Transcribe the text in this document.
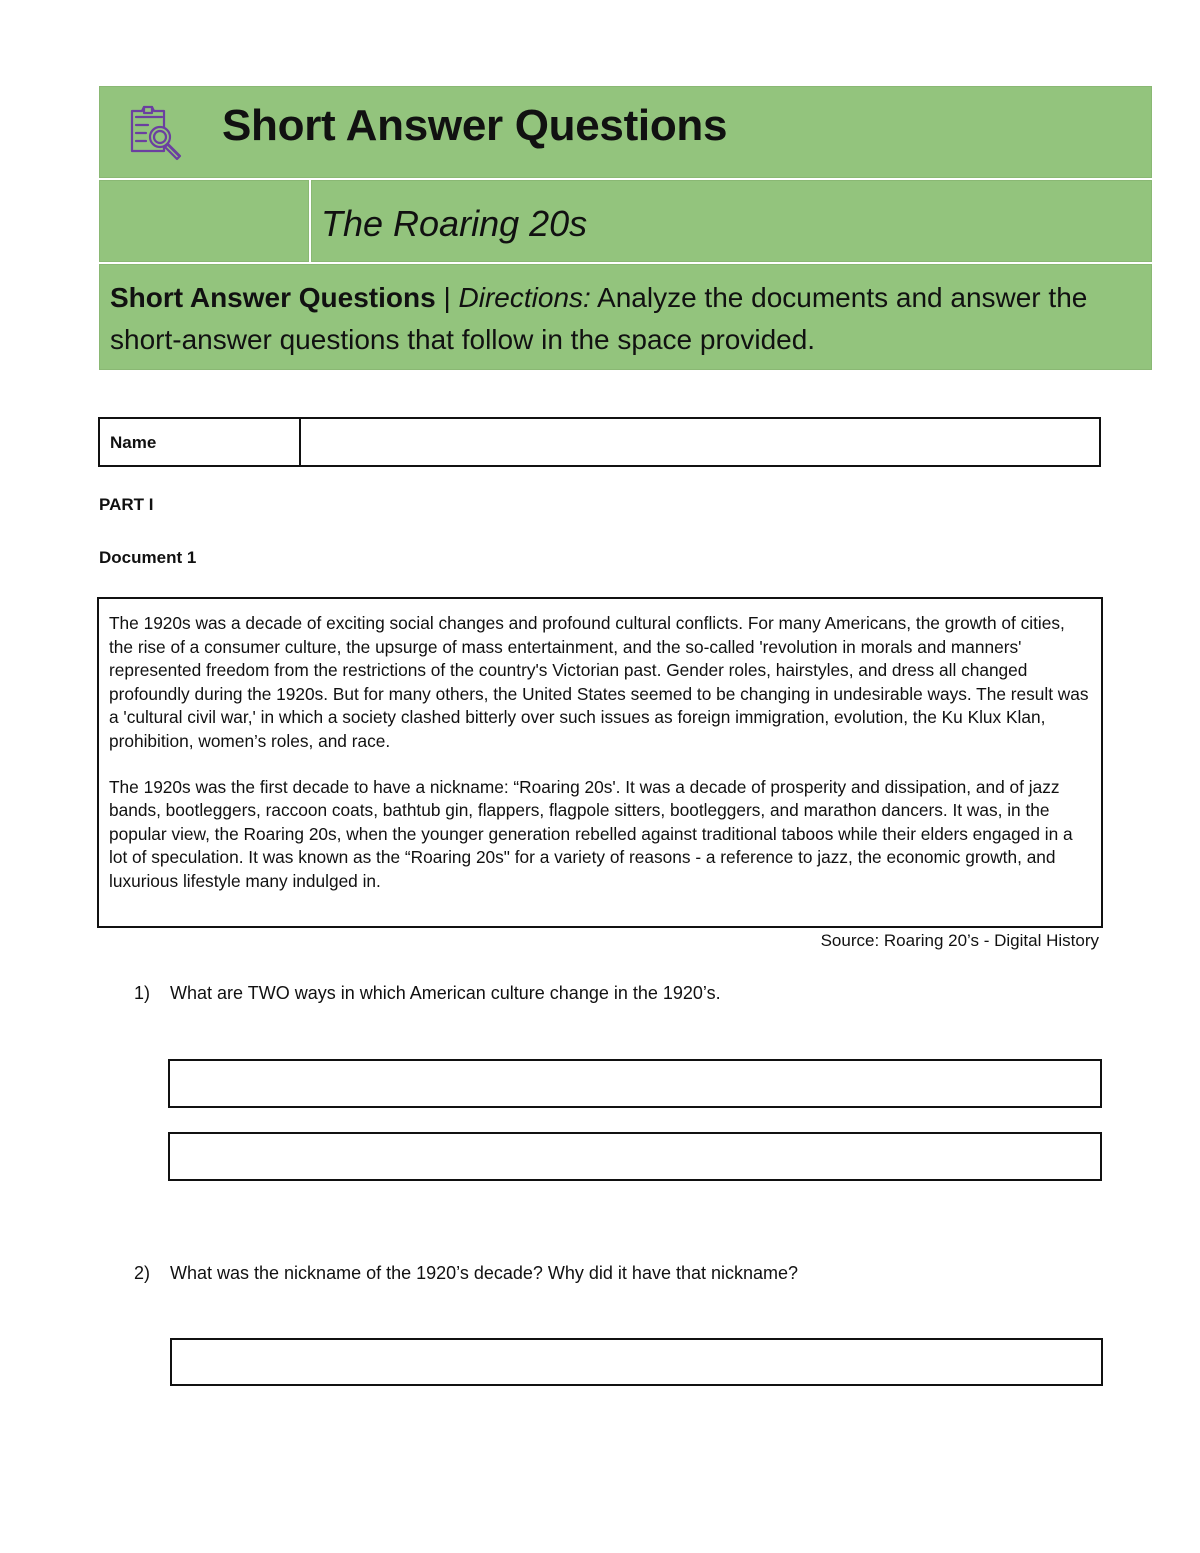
Short Answer Questions
The Roaring 20s
Short Answer Questions | Directions: Analyze the documents and answer the short-answer questions that follow in the space provided.
Name
PART I
Document 1

The 1920s was a decade of exciting social changes and profound cultural conflicts. For many Americans, the growth of cities, the rise of a consumer culture, the upsurge of mass entertainment, and the so-called 'revolution in morals and manners' represented freedom from the restrictions of the country's Victorian past. Gender roles, hairstyles, and dress all changed profoundly during the 1920s. But for many others, the United States seemed to be changing in undesirable ways. The result was a 'cultural civil war,' in which a society clashed bitterly over such issues as foreign immigration, evolution, the Ku Klux Klan, prohibition, women’s roles, and race.

The 1920s was the first decade to have a nickname: “Roaring 20s'. It was a decade of prosperity and dissipation, and of jazz bands, bootleggers, raccoon coats, bathtub gin, flappers, flagpole sitters, bootleggers, and marathon dancers. It was, in the popular view, the Roaring 20s, when the younger generation rebelled against traditional taboos while their elders engaged in a lot of speculation. It was known as the “Roaring 20s" for a variety of reasons - a reference to jazz, the economic growth, and luxurious lifestyle many indulged in.

Source: Roaring 20’s - Digital History
1) What are TWO ways in which American culture change in the 1920’s.
2) What was the nickname of the 1920’s decade? Why did it have that nickname?
